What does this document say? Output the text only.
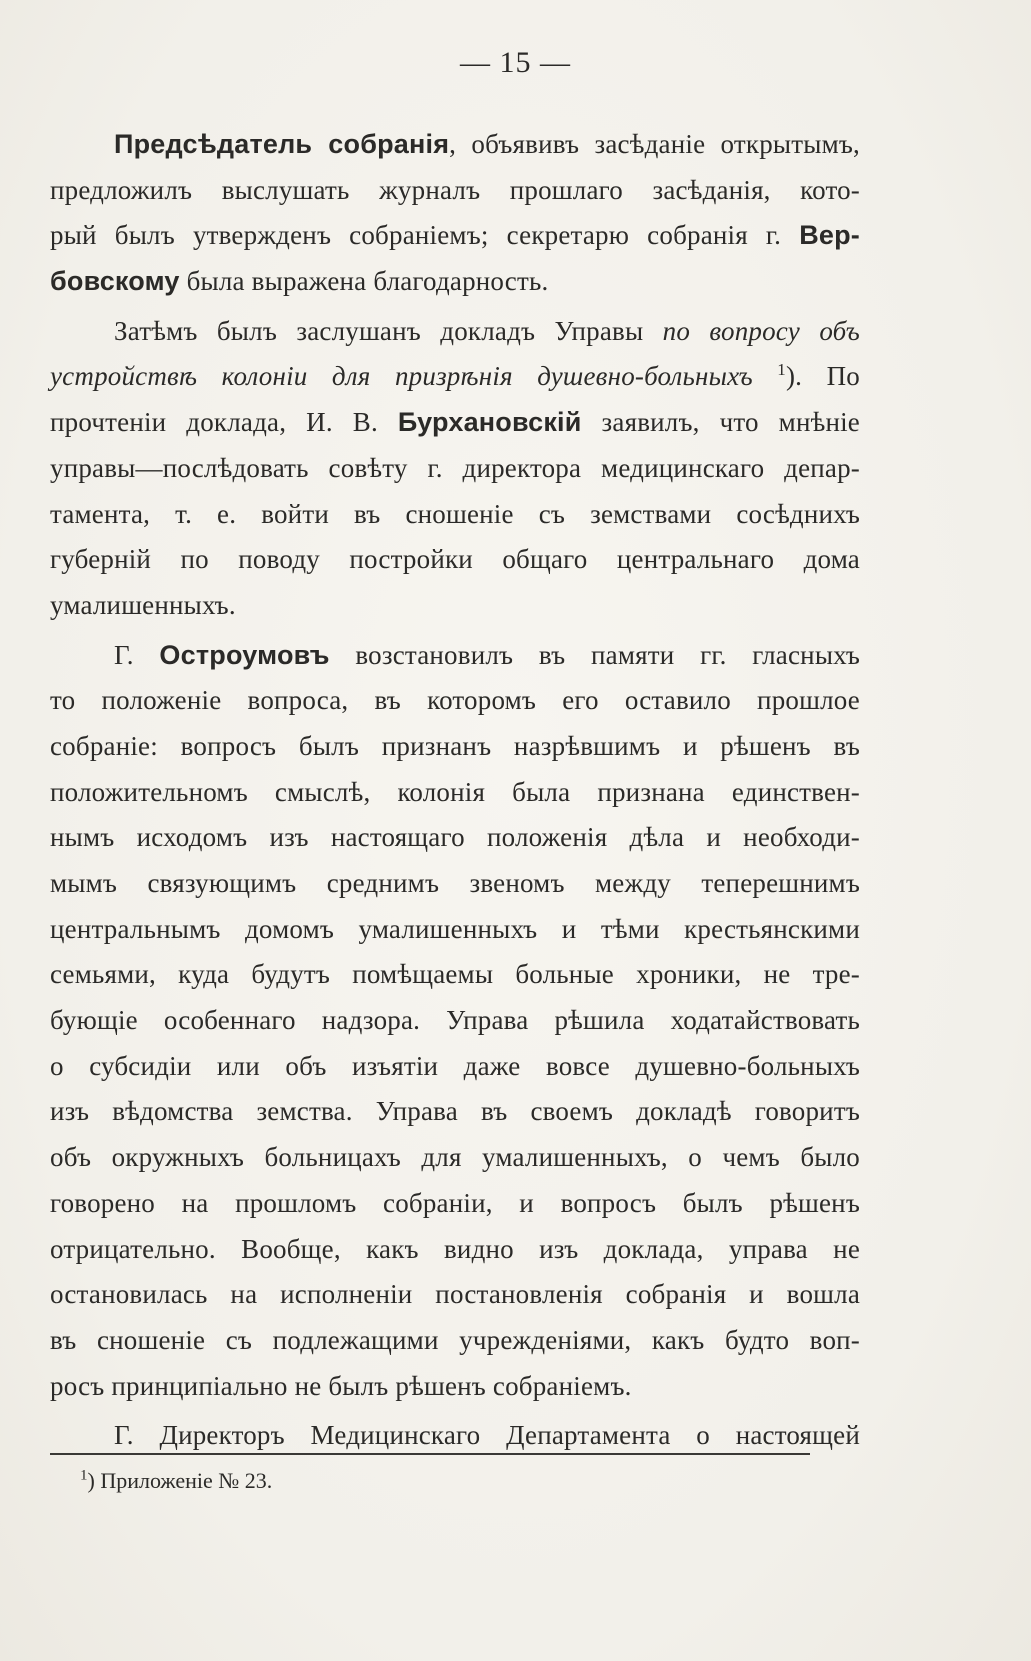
— 15 —
Предсѣдатель собранія, объявивъ засѣданіе открытымъ,
предложилъ выслушать журналъ прошлаго засѣданія, кото-
рый былъ утвержденъ собраніемъ; секретарю собранія г. Вер-
бовскому была выражена благодарность.
Затѣмъ былъ заслушанъ докладъ Управы по вопросу объ
устройствѣ колоніи для призрѣнія душевно-больныхъ $^1$). По
прочтеніи доклада, И. В. Бурхановскій заявилъ, что мнѣніе
управы—послѣдовать совѣту г. директора медицинскаго депар-
тамента, т. е. войти въ сношеніе съ земствами сосѣднихъ
губерній по поводу постройки общаго центральнаго дома
умалишенныхъ.
Г. Остроумовъ возстановилъ въ памяти гг. гласныхъ
то положеніе вопроса, въ которомъ его оставило прошлое
собраніе: вопросъ былъ признанъ назрѣвшимъ и рѣшенъ въ
положительномъ смыслѣ, колонія была признана единствен-
нымъ исходомъ изъ настоящаго положенія дѣла и необходи-
мымъ связующимъ среднимъ звеномъ между теперешнимъ
центральнымъ домомъ умалишенныхъ и тѣми крестьянскими
семьями, куда будутъ помѣщаемы больные хроники, не тре-
бующіе особеннаго надзора. Управа рѣшила ходатайствовать
о субсидіи или объ изъятіи даже вовсе душевно-больныхъ
изъ вѣдомства земства. Управа въ своемъ докладѣ говоритъ
объ окружныхъ больницахъ для умалишенныхъ, о чемъ было
говорено на прошломъ собраніи, и вопросъ былъ рѣшенъ
отрицательно. Вообще, какъ видно изъ доклада, управа не
остановилась на исполненіи постановленія собранія и вошла
въ сношеніе съ подлежащими учрежденіями, какъ будто воп-
росъ принципіально не былъ рѣшенъ собраніемъ.
Г. Директоръ Медицинскаго Департамента о настоящей
$^1$) Приложеніе № 23.
